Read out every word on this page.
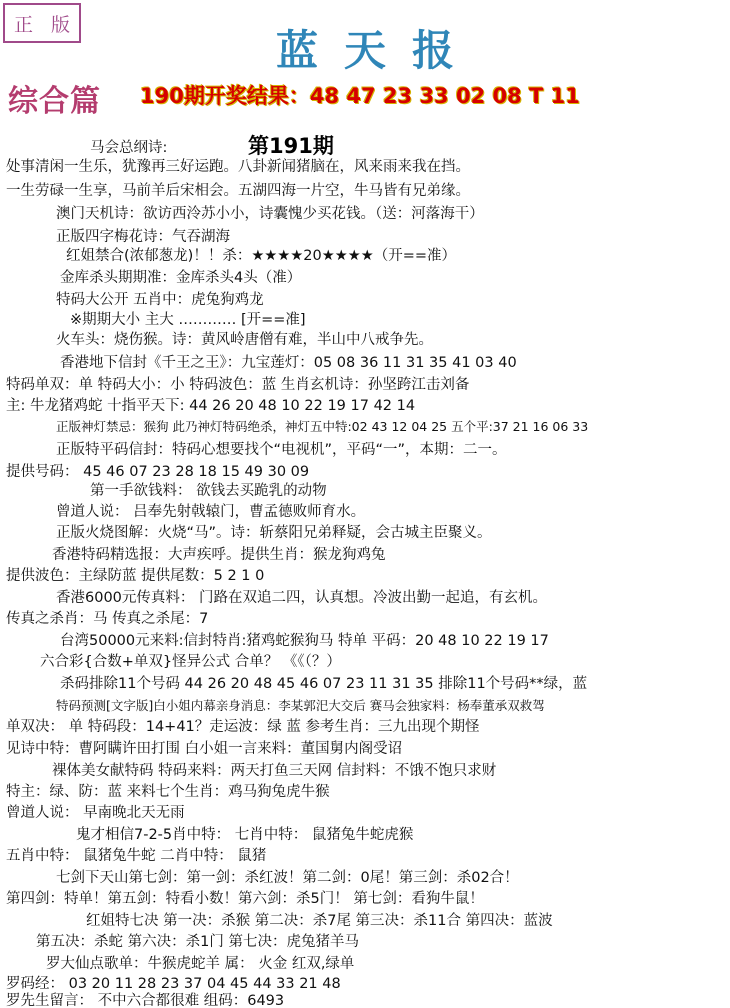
正 版
蓝天报
综合篇 190期开奖结果：48 47 23 33 02 08 T 11
第191期
马会总纲诗:
处事清闲一生乐，犹豫再三好运跑。八卦新闻猪脑在，风来雨来我在挡。
一生劳碌一生享，马前羊后宋相会。五湖四海一片空，牛马皆有兄弟缘。
澳门天机诗：欲访西泠苏小小，诗囊愧少买花钱。（送：河落海干）
正版四字梅花诗：气吞湖海
红姐禁合(浓郁葱龙)！！杀：★★★★20★★★★（开==准）
金库杀头期期准：金库杀头4头（准）
特码大公开 五肖中：虎兔狗鸡龙
※期期大小 主大 ………… [开==准]
火车头：烧伤猴。诗：黄风岭唐僧有难，半山中八戒争先。
香港地下信封《千王之王》：九宝莲灯：05 08 36 11 31 35 41 03 40
特码单双：单 特码大小：小 特码波色：蓝 生肖玄机诗：孙坚跨江击刘备
主: 牛龙猪鸡蛇 十指平天下: 44 26 20 48 10 22 19 17 42 14
正版神灯禁忌：猴狗 此乃神灯特码绝杀，神灯五中特:02 43 12 04 25 五个平:37 21 16 06 33
正版特平码信封：特码心想要找个“电视机”，平码“一”，本期：二一。
提供号码： 45 46 07 23 28 18 15 49 30 09
第一手欲钱料： 欲钱去买跪乳的动物
曾道人说： 吕奉先射戟辕门，曹孟德败师育水。
正版火烧图解：火烧“马”。诗：斩蔡阳兄弟释疑，会古城主臣聚义。
香港特码精选报：大声疾呼。提供生肖：猴龙狗鸡兔
提供波色：主绿防蓝 提供尾数：5 2 1 0
香港6000元传真料： 门路在双追二四，认真想。冷波出勤一起追，有玄机。
传真之杀肖：马 传真之杀尾：7
台湾50000元来料:信封特肖:猪鸡蛇猴狗马 特单 平码：20 48 10 22 19 17
六合彩{合数+单双}怪异公式 合单？ 《《（？）
杀码排除11个号码 44 26 20 48 45 46 07 23 11 31 35 排除11个号码**绿，蓝
特码预测[文字版]白小姐内幕亲身消息：李某郭汜大交后 赛马会独家料：杨奉董承双救驾
单双决： 单 特码段：14+41？走运波：绿 蓝 参考生肖：三九出现个期怪
见诗中特：曹阿瞒许田打围 白小姐一言来料：董国舅内阁受诏
裸体美女献特码 特码来料：两天打鱼三天网 信封料：不饿不饱只求财
特主：绿、防：蓝 来料七个生肖：鸡马狗兔虎牛猴
曾道人说： 早南晚北天无雨
鬼才相信7-2-5肖中特： 七肖中特： 鼠猪兔牛蛇虎猴
五肖中特： 鼠猪兔牛蛇 二肖中特： 鼠猪
七剑下天山第七剑：第一剑：杀红波！第二剑：0尾！第三剑：杀02合！
第四剑：特单！第五剑：特看小数！第六剑：杀5门！ 第七剑：看狗牛鼠！
红姐特七决 第一决：杀猴 第二决：杀7尾 第三决：杀11合 第四决：蓝波
第五决：杀蛇 第六决：杀1门 第七决：虎兔猪羊马
罗大仙点歌单：牛猴虎蛇羊 属： 火金 红双,绿单
罗码经： 03 20 11 28 23 37 04 45 44 33 21 48
罗先生留言： 不中六合都很难 组码：6493
